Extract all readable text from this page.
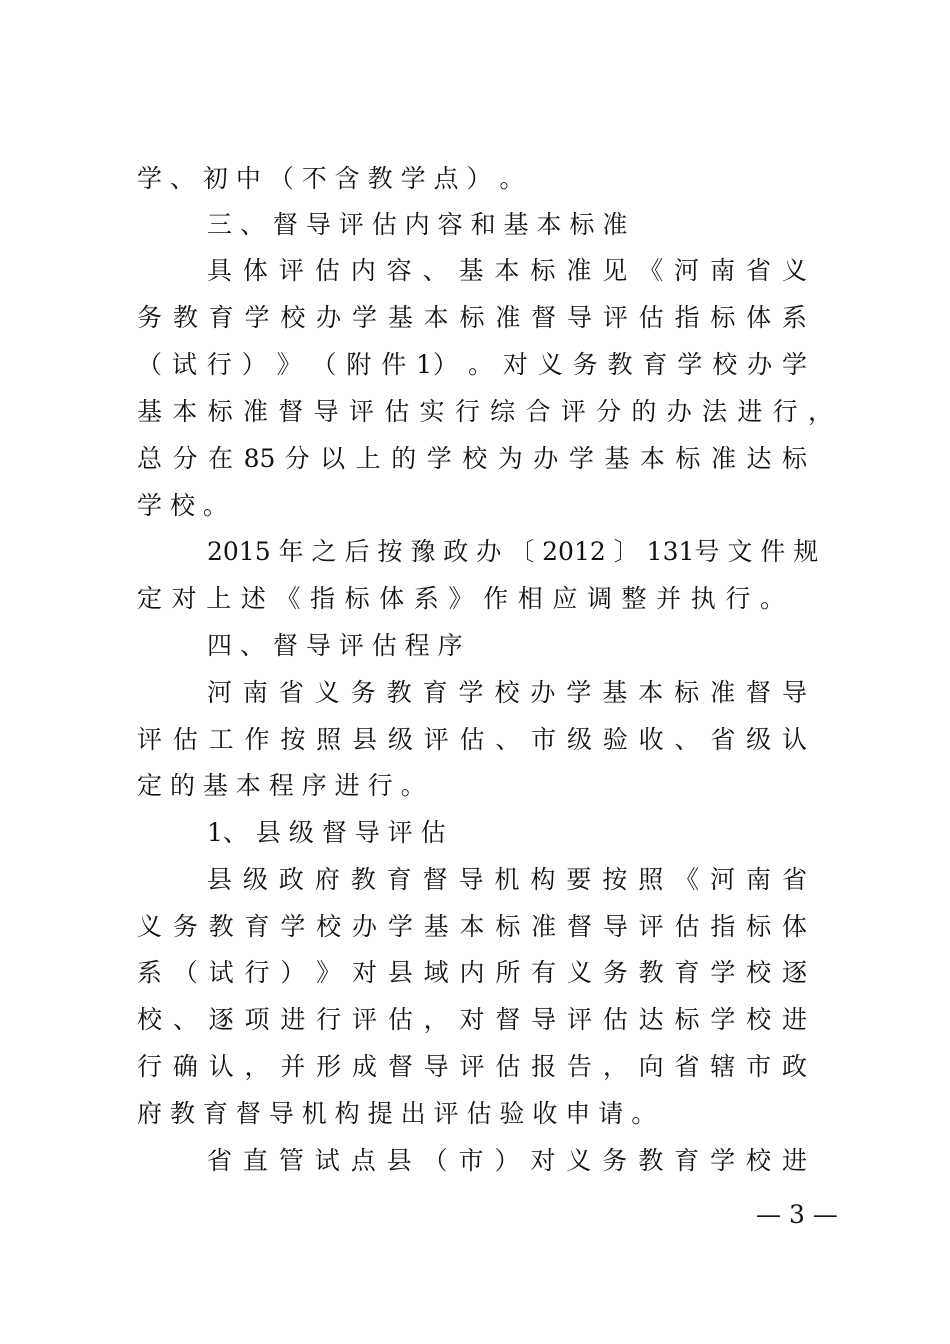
学 、 初 中 （ 不 含 教 学 点 ） 。
三 、 督 导 评 估 内 容 和 基 本 标 准
具 体 评 估 内 容 、 基 本 标 准 见 《 河 南 省 义
务 教 育 学 校 办 学 基 本 标 准 督 导 评 估 指 标 体 系
（ 试 行 ） 》 （ 附 件 1） 。 对 义 务 教 育 学 校 办 学
基 本 标 准 督 导 评 估 实 行 综 合 评 分 的 办 法 进 行 ，
总 分 在 85 分 以 上 的 学 校 为 办 学 基 本 标 准 达 标
学 校 。
2015 年 之 后 按 豫 政 办 〔 2012 〕 131号 文 件 规
定 对 上 述 《 指 标 体 系 》 作 相 应 调 整 并 执 行 。
四 、 督 导 评 估 程 序
河 南 省 义 务 教 育 学 校 办 学 基 本 标 准 督 导
评 估 工 作 按 照 县 级 评 估 、 市 级 验 收 、 省 级 认
定 的 基 本 程 序 进 行 。
1、 县 级 督 导 评 估
县 级 政 府 教 育 督 导 机 构 要 按 照 《 河 南 省
义 务 教 育 学 校 办 学 基 本 标 准 督 导 评 估 指 标 体
系 （ 试 行 ） 》 对 县 域 内 所 有 义 务 教 育 学 校 逐
校 、 逐 项 进 行 评 估 ， 对 督 导 评 估 达 标 学 校 进
行 确 认 ， 并 形 成 督 导 评 估 报 告 ， 向 省 辖 市 政
府 教 育 督 导 机 构 提 出 评 估 验 收 申 请 。
省 直 管 试 点 县 （ 市 ） 对 义 务 教 育 学 校 进
— 3 —
